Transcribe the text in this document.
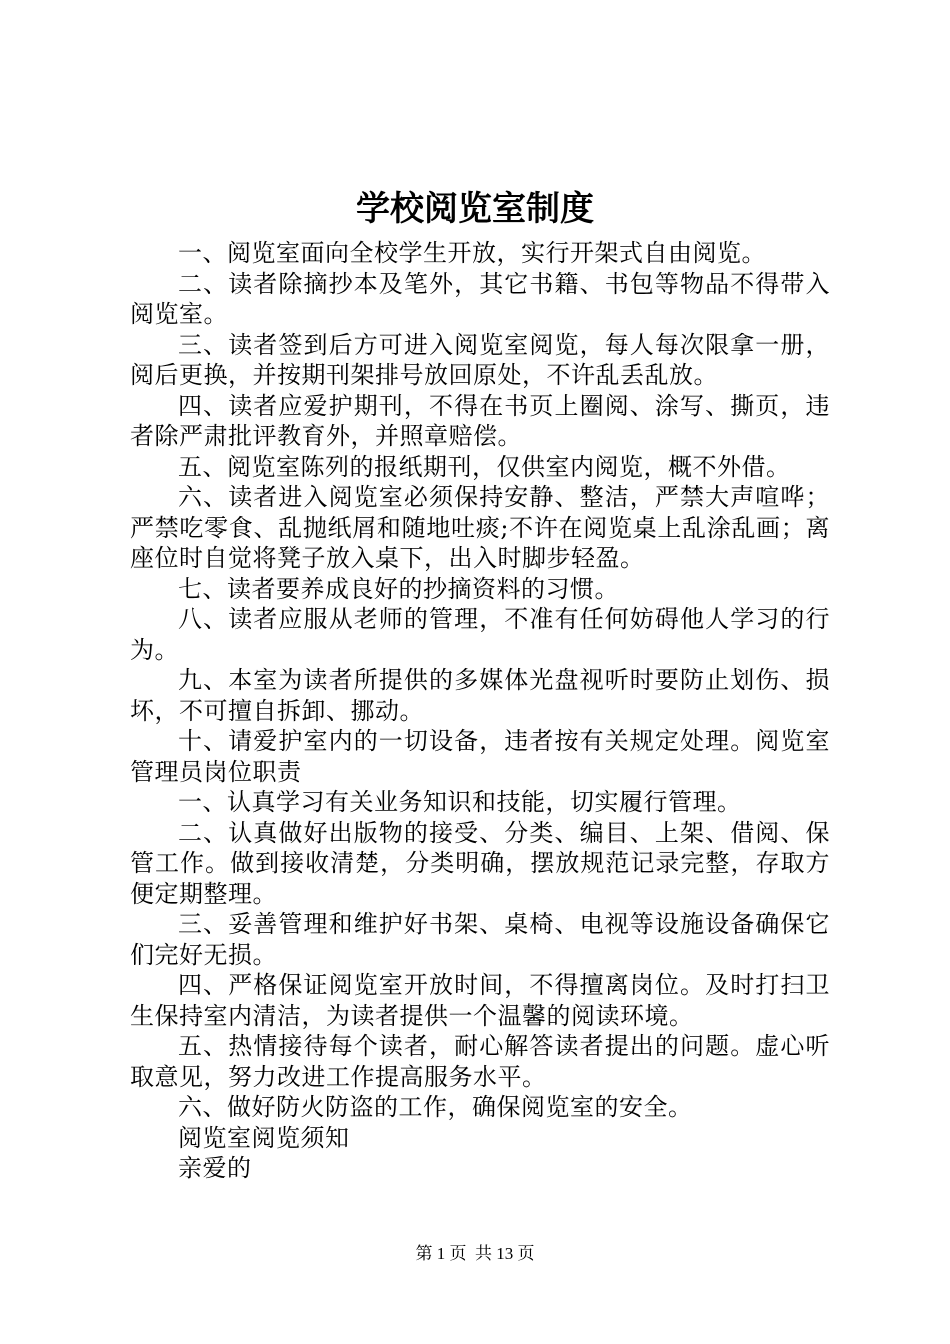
学校阅览室制度

一、阅览室面向全校学生开放，实行开架式自由阅览。

二、读者除摘抄本及笔外，其它书籍、书包等物品不得带入阅览室。

三、读者签到后方可进入阅览室阅览，每人每次限拿一册，阅后更换，并按期刊架排号放回原处，不许乱丢乱放。

四、读者应爱护期刊，不得在书页上圈阅、涂写、撕页，违者除严肃批评教育外，并照章赔偿。

五、阅览室陈列的报纸期刊，仅供室内阅览，概不外借。

六、读者进入阅览室必须保持安静、整洁，严禁大声喧哗；严禁吃零食、乱抛纸屑和随地吐痰;不许在阅览桌上乱涂乱画；离座位时自觉将凳子放入桌下，出入时脚步轻盈。

七、读者要养成良好的抄摘资料的习惯。

八、读者应服从老师的管理，不准有任何妨碍他人学习的行为。

九、本室为读者所提供的多媒体光盘视听时要防止划伤、损坏，不可擅自拆卸、挪动。

十、请爱护室内的一切设备，违者按有关规定处理。阅览室管理员岗位职责

一、认真学习有关业务知识和技能，切实履行管理。

二、认真做好出版物的接受、分类、编目、上架、借阅、保管工作。做到接收清楚，分类明确，摆放规范记录完整，存取方便定期整理。

三、妥善管理和维护好书架、桌椅、电视等设施设备确保它们完好无损。

四、严格保证阅览室开放时间，不得擅离岗位。及时打扫卫生保持室内清洁，为读者提供一个温馨的阅读环境。

五、热情接待每个读者，耐心解答读者提出的问题。虚心听取意见，努力改进工作提高服务水平。

六、做好防火防盗的工作，确保阅览室的安全。

阅览室阅览须知

亲爱的

第 1 页 共 13 页
